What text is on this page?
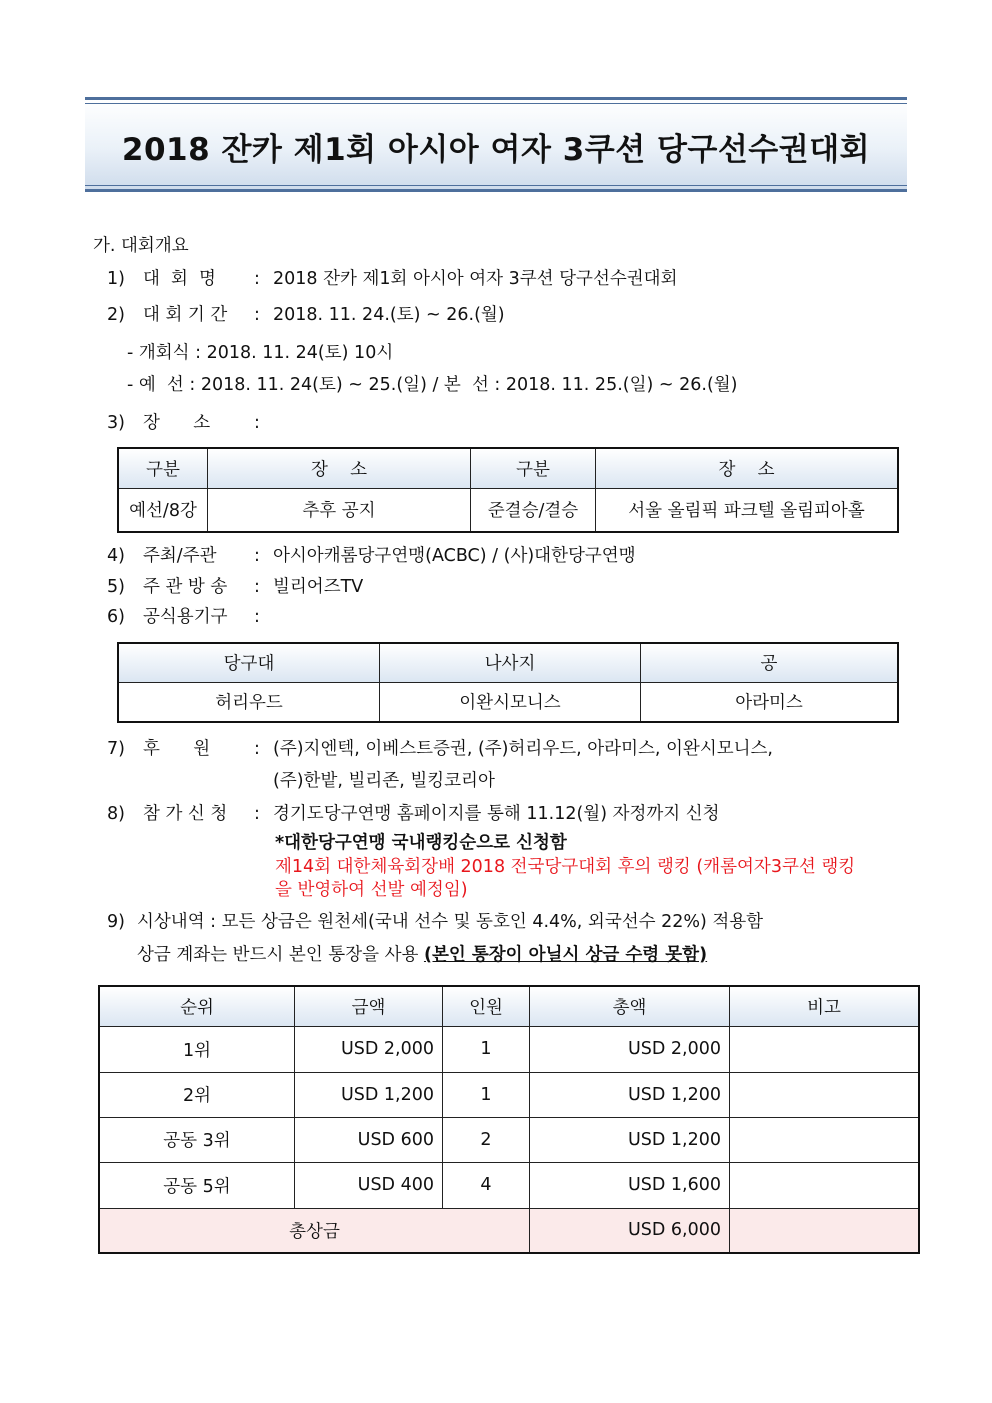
2018 잔카 제1회 아시아 여자 3쿠션 당구선수권대회
가. 대회개요
1) 대  회  명 : 2018 잔카 제1회 아시아 여자 3쿠션 당구선수권대회
2) 대 회 기 간 : 2018. 11. 24.(토) ~ 26.(월)
- 개회식 : 2018. 11. 24(토) 10시
- 예  선 : 2018. 11. 24(토) ~ 25.(일) / 본  선 : 2018. 11. 25.(일) ~ 26.(월)
3) 장      소	:
구분	장    소	구분	장    소
예선/8강	추후 공지	준결승/결승	서울 올림픽 파크텔 올림피아홀
4) 주최/주관 : 아시아캐롬당구연맹(ACBC) / (사)대한당구연맹
5) 주 관 방 송 : 빌리어즈TV
6) 공식용기구 :
당구대	나사지	공
허리우드	이완시모니스	아라미스
7) 후      원	: (주)지엔텍, 이베스트증권, (주)허리우드, 아라미스, 이완시모니스,
(주)한밭, 빌리존, 빌킹코리아
8) 참 가 신 청 : 경기도당구연맹 홈페이지를 통해 11.12(월) 자정까지 신청
*대한당구연맹 국내랭킹순으로 신청함
제14회 대한체육회장배 2018 전국당구대회 후의 랭킹 (캐롬여자3쿠션 랭킹
을 반영하여 선발 예정임)
9) 시상내역 : 모든 상금은 원천세(국내 선수 및 동호인 4.4%, 외국선수 22%) 적용함
상금 계좌는 반드시 본인 통장을 사용 (본인 통장이 아닐시 상금 수령 못함)
순위	금액	인원	총액	비고
1위	USD 2,000	1	USD 2,000	
2위	USD 1,200	1	USD 1,200	
공동 3위	USD 600	2	USD 1,200	
공동 5위	USD 400	4	USD 1,600	
총상금			USD 6,000	
